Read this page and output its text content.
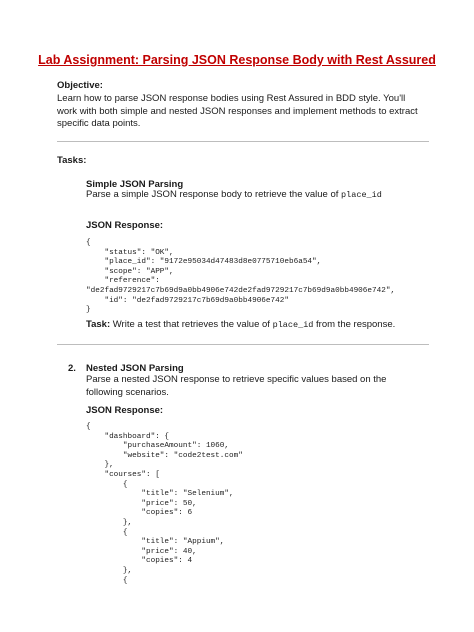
Lab Assignment: Parsing JSON Response Body with Rest Assured
Objective:
Learn how to parse JSON response bodies using Rest Assured in BDD style. You'll work with both simple and nested JSON responses and implement methods to extract specific data points.
Tasks:
Simple JSON Parsing
Parse a simple JSON response body to retrieve the value of place_id
JSON Response:
{
"status": "OK",
"place_id": "9172e95034d47483d8e0775710eb6a54",
"scope": "APP",
"reference":
"de2fad9729217c7b69d9a0bb4906e742de2fad9729217c7b69d9a0bb4906e742",
"id": "de2fad9729217c7b69d9a0bb4906e742"
}
Task: Write a test that retrieves the value of place_id from the response.
2. Nested JSON Parsing
Parse a nested JSON response to retrieve specific values based on the following scenarios.
JSON Response:
{
"dashboard": {
"purchaseAmount": 1060,
"website": "code2test.com"
},
"courses": [
{
"title": "Selenium",
"price": 50,
"copies": 6
},
{
"title": "Appium",
"price": 40,
"copies": 4
},
{
